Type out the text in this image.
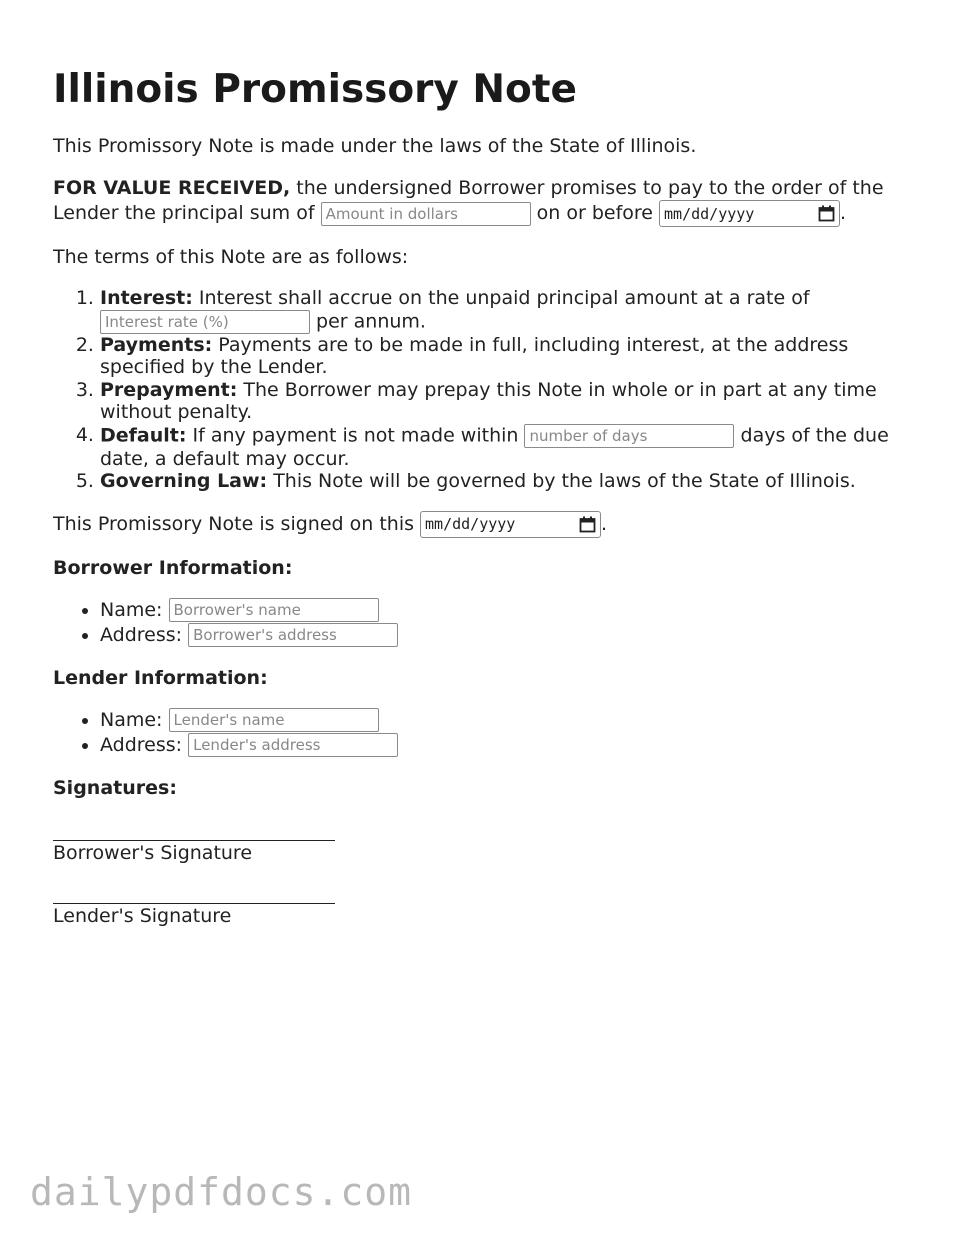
Illinois Promissory Note

This Promissory Note is made under the laws of the State of Illinois.

FOR VALUE RECEIVED, the undersigned Borrower promises to pay to the order of the Lender the principal sum of Amount in dollars	on or before mm/dd/yyyy	.

The terms of this Note are as follows:

1. Interest: Interest shall accrue on the unpaid principal amount at a rate of Interest rate (%) per annum.
2. Payments: Payments are to be made in full, including interest, at the address specified by the Lender.
3. Prepayment: The Borrower may prepay this Note in whole or in part at any time without penalty.
4. Default: If any payment is not made within number of days	days of the due date, a default may occur.
5. Governing Law: This Note will be governed by the laws of the State of Illinois.

This Promissory Note is signed on this mm/dd/yyyy	.

Borrower Information:
• Name: Borrower's name
• Address: Borrower's address
Lender Information:
• Name: Lender's name
• Address: Lender's address
Signatures:
Borrower's Signature
Lender's Signature
dailypdfdocs.com
